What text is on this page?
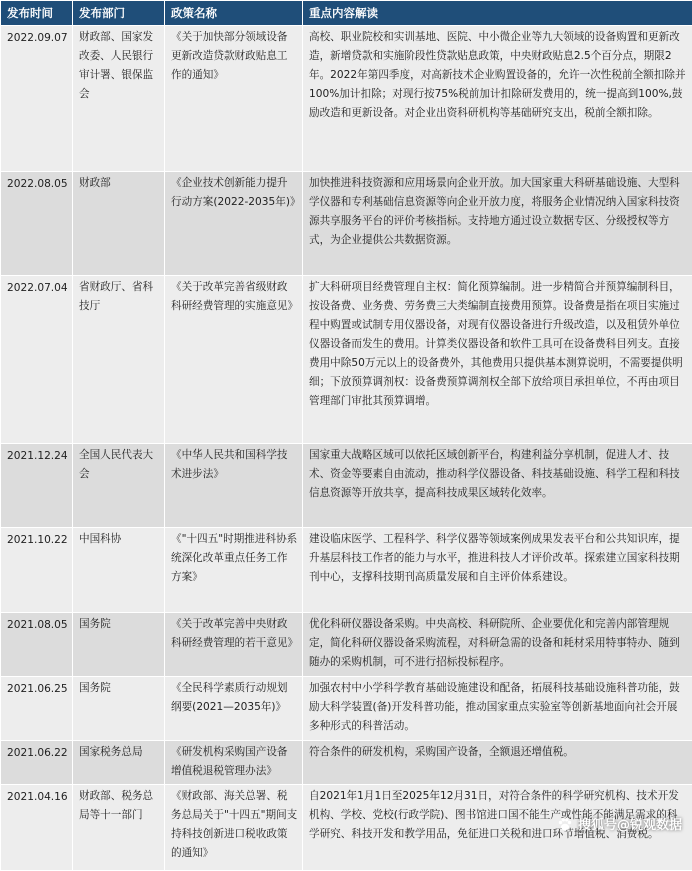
发布时间	发布部门	政策名称	重点内容解读
2022.09.07	财政部、国家发改委、人民银行审计署、银保监会	《关于加快部分领域设备更新改造贷款财政贴息工作的通知》	高校、职业院校和实训基地、医院、中小微企业等九大领域的设备购置和更新改造，新增贷款和实施阶段性贷款贴息政策，中央财政贴息2.5个百分点，期限2年。2022年第四季度，对高新技术企业购置设备的，允许一次性税前全额扣除并100%加计扣除；对现行按75%税前加计扣除研发费用的，统一提高到100%,鼓励改造和更新设备。对企业出资科研机构等基础研究支出，税前全额扣除。
2022.08.05	财政部	《企业技术创新能力提升行动方案(2022-2035年)》	加快推进科技资源和应用场景向企业开放。加大国家重大科研基础设施、大型科学仪器和专利基础信息资源等向企业开放力度，将服务企业情况纳入国家科技资源共享服务平台的评价考核指标。支持地方通过设立数据专区、分级授权等方式，为企业提供公共数据资源。
2022.07.04	省财政厅、省科技厅	《关于改革完善省级财政科研经费管理的实施意见》	扩大科研项目经费管理自主权：简化预算编制。进一步精简合并预算编制科目，按设备费、业务费、劳务费三大类编制直接费用预算。设备费是指在项目实施过程中购置或试制专用仪器设备，对现有仪器设备进行升级改造，以及租赁外单位仪器设备而发生的费用。计算类仪器设备和软件工具可在设备费科目列支。直接费用中除50万元以上的设备费外，其他费用只提供基本测算说明，不需要提供明细；下放预算调剂权：设备费预算调剂权全部下放给项目承担单位，不再由项目管理部门审批其预算调增。
2021.12.24	全国人民代表大会	《中华人民共和国科学技术进步法》	国家重大战略区域可以依托区域创新平台，构建利益分享机制，促进人才、技术、资金等要素自由流动，推动科学仪器设备、科技基础设施、科学工程和科技信息资源等开放共享，提高科技成果区域转化效率。
2021.10.22	中国科协	《"十四五"时期推进科协系统深化改革重点任务工作方案》	建设临床医学、工程科学、科学仪器等领域案例成果发表平台和公共知识库，提升基层科技工作者的能力与水平，推进科技人才评价改革。探索建立国家科技期刊中心，支撑科技期刊高质量发展和自主评价体系建设。
2021.08.05	国务院	《关于改革完善中央财政科研经费管理的若干意见》	优化科研仪器设备采购。中央高校、科研院所、企业要优化和完善内部管理规定，简化科研仪器设备采购流程，对科研急需的设备和耗材采用特事特办、随到随办的采购机制，可不进行招标投标程序。
2021.06.25	国务院	《全民科学素质行动规划纲要(2021—2035年)》	加强农村中小学科学教育基础设施建设和配备，拓展科技基础设施科普功能，鼓励大科学装置(备)开发科普功能，推动国家重点实验室等创新基地面向社会开展多种形式的科普活动。
2021.06.22	国家税务总局	《研发机构采购国产设备增值税退税管理办法》	符合条件的研发机构，采购国产设备，全额退还增值税。
2021.04.16	财政部、税务总局等十一部门	《财政部、海关总署、税务总局关于"十四五"期间支持科技创新进口税收政策的通知》	自2021年1月1日至2025年12月31日，对符合条件的科学研究机构、技术开发机构、学校、党校(行政学院)、图书馆进口国不能生产或性能不能满足需求的科学研究、科技开发和教学用品，免征进口关税和进口环节增值税、消费税。
搜狐号@锐观数据
